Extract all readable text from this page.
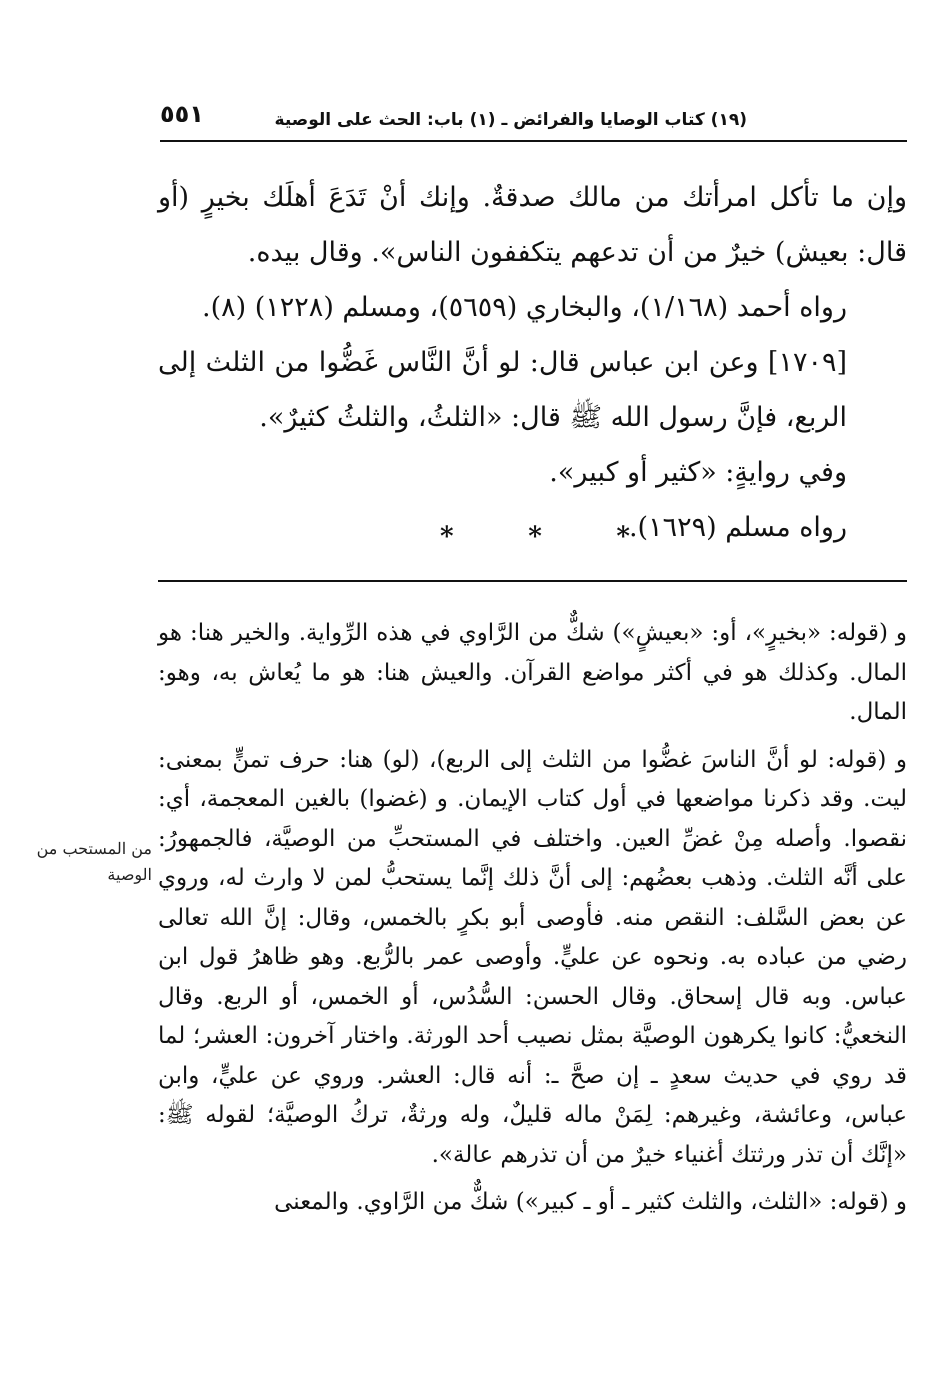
(١٩) كتاب الوصايا والفرائض ـ (١) باب: الحث على الوصية
٥٥١

وإن ما تأكل امرأتك من مالك صدقةٌ. وإنك أنْ تَدَعَ أهلَك بخيرٍ (أو قال: بعيش) خيرٌ من أن تدعهم يتكففون الناس». وقال بيده.

رواه أحمد (١/١٦٨)، والبخاري (٥٦٥٩)، ومسلم (١٢٢٨) (٨).

[١٧٠٩] وعن ابن عباس قال: لو أنَّ النَّاس غَضُّوا من الثلث إلى الربع، فإنَّ رسول الله ﷺ قال: «الثلثُ، والثلثُ كثيرٌ».

وفي روايةٍ: «كثير أو كبير».

رواه مسلم (١٦٢٩).

*	*	*

و (قوله: «بخيرٍ»، أو: «بعيشٍ») شكٌّ من الرَّاوي في هذه الرِّواية. والخير هنا: هو المال. وكذلك هو في أكثر مواضع القرآن. والعيش هنا: هو ما يُعاش به، وهو: المال.

و (قوله: لو أنَّ الناسَ غضُّوا من الثلث إلى الربع)، (لو) هنا: حرف تمنٍّ بمعنى: ليت. وقد ذكرنا مواضعها في أول كتاب الإيمان. و (غضوا) بالغين المعجمة، أي: نقصوا. وأصله مِنْ غضِّ العين. واختلف في المستحبِّ من الوصيَّة، فالجمهورُ: على أنَّه الثلث. وذهب بعضُهم: إلى أنَّ ذلك إنَّما يستحبُّ لمن لا وارث له، وروي عن بعض السَّلف: النقص منه. فأوصى أبو بكرٍ بالخمس، وقال: إنَّ الله تعالى رضي من عباده به. ونحوه عن عليٍّ. وأوصى عمر بالرُّبع. وهو ظاهرُ قول ابن عباس. وبه قال إسحاق. وقال الحسن: السُّدُس، أو الخمس، أو الربع. وقال النخعيُّ: كانوا يكرهون الوصيَّة بمثل نصيب أحد الورثة. واختار آخرون: العشر؛ لما قد روي في حديث سعدٍ ـ إن صحَّ ـ: أنه قال: العشر. وروي عن عليٍّ، وابن عباس، وعائشة، وغيرهم: لِمَنْ ماله قليلٌ، وله ورثةٌ، تركُ الوصيَّة؛ لقوله ﷺ: «إنَّك أن تذر ورثتك أغنياء خيرٌ من أن تذرهم عالة».

و (قوله: «الثلث، والثلث كثير ـ أو ـ كبير») شكٌّ من الرَّاوي. والمعنى

من المستحب من الوصية
